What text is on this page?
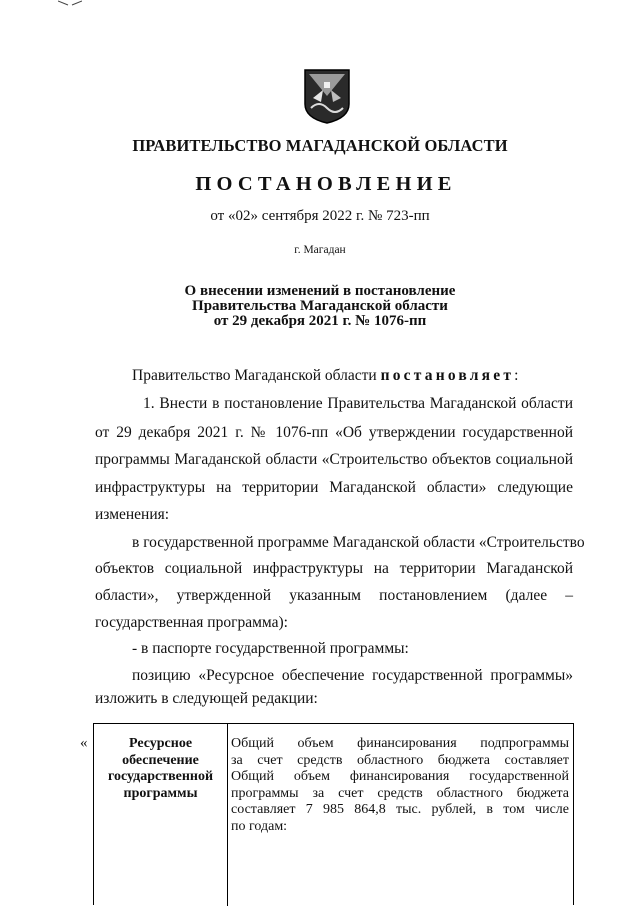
ПРАВИТЕЛЬСТВО МАГАДАНСКОЙ ОБЛАСТИ
ПОСТАНОВЛЕНИЕ
от «02» сентября 2022 г. № 723-пп
г. Магадан
О внесении изменений в постановление
Правительства Магаданской области
от 29 декабря 2021 г. № 1076-пп
Правительство Магаданской области постановляет:
1. Внести в постановление Правительства Магаданской области
от 29 декабря 2021 г. № 1076-пп «Об утверждении государственной
программы Магаданской области «Строительство объектов социальной
инфраструктуры на территории Магаданской области» следующие
изменения:
в государственной программе Магаданской области «Строительство
объектов социальной инфраструктуры на территории Магаданской
области», утвержденной указанным постановлением (далее –
государственная программа):
- в паспорте государственной программы:
позицию «Ресурсное обеспечение государственной программы»
изложить в следующей редакции:
«	Ресурсное
обеспечение
государственной
программы
Общий объем финансирования подпрограммы
за счет средств областного бюджета составляет
Общий объем финансирования государственной
программы за счет средств областного бюджета
составляет 7 985 864,8 тыс. рублей, в том числе
по годам:
